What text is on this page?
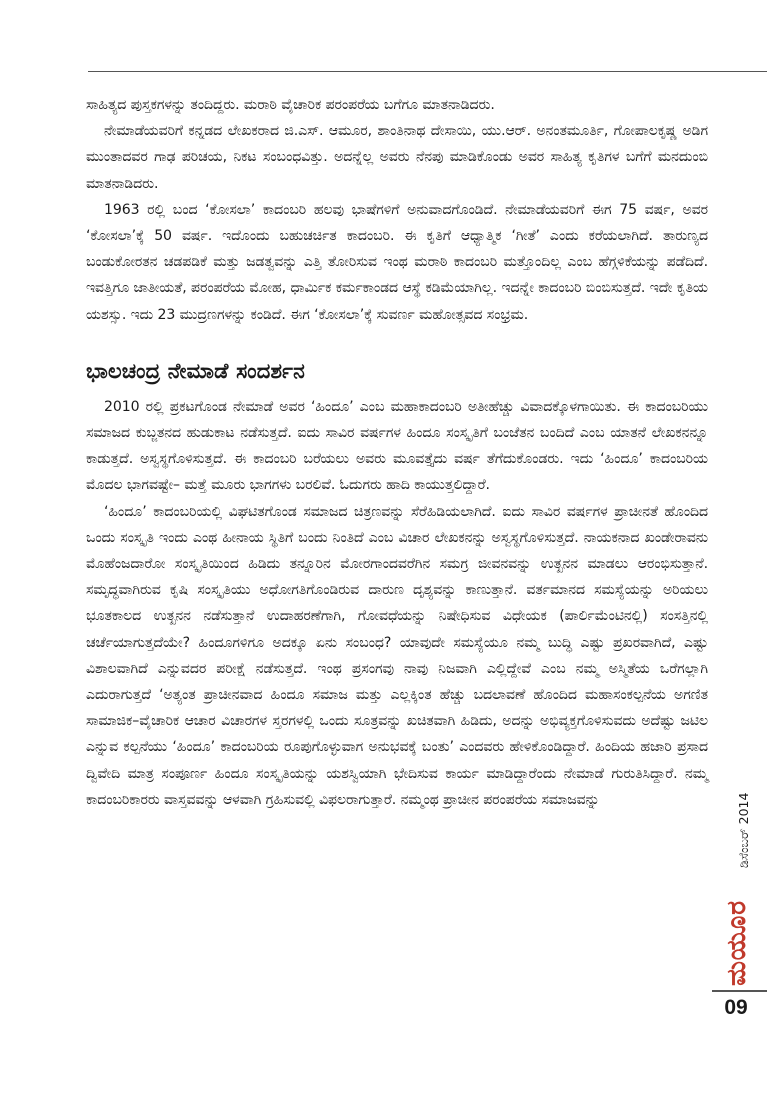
ಸಾಹಿತ್ಯದ ಪುಸ್ತಕಗಳನ್ನು ತಂದಿದ್ದರು. ಮರಾಠಿ ವೈಚಾರಿಕ ಪರಂಪರೆಯ ಬಗೆಗೂ ಮಾತನಾಡಿದರು.

ನೇಮಾಡೆಯವರಿಗೆ ಕನ್ನಡದ ಲೇಖಕರಾದ ಜಿ.ಎಸ್. ಆಮೂರ, ಶಾಂತಿನಾಥ ದೇಸಾಯಿ, ಯು.ಆರ್. ಅನಂತಮೂರ್ತಿ, ಗೋಪಾಲಕೃಷ್ಣ ಅಡಿಗ ಮುಂತಾದವರ ಗಾಢ ಪರಿಚಯ, ನಿಕಟ ಸಂಬಂಧವಿತ್ತು. ಅದನ್ನೆಲ್ಲ ಅವರು ನೆನಪು ಮಾಡಿಕೊಂಡು ಅವರ ಸಾಹಿತ್ಯ ಕೃತಿಗಳ ಬಗೆಗೆ ಮನದುಂಬಿ ಮಾತನಾಡಿದರು.

1963 ರಲ್ಲಿ ಬಂದ ‘ಕೋಸಲಾ’ ಕಾದಂಬರಿ ಹಲವು ಭಾಷೆಗಳಿಗೆ ಅನುವಾದಗೊಂಡಿದೆ. ನೇಮಾಡೆಯವರಿಗೆ ಈಗ 75 ವರ್ಷ, ಅವರ ‘ಕೋಸಲಾ’ಕ್ಕೆ 50 ವರ್ಷ. ಇದೊಂದು ಬಹುಚರ್ಚಿತ ಕಾದಂಬರಿ. ಈ ಕೃತಿಗೆ ಆಧ್ಯಾತ್ಮಿಕ ‘ಗೀತೆ’ ಎಂದು ಕರೆಯಲಾಗಿದೆ. ತಾರುಣ್ಯದ ಬಂಡುಕೋರತನ ಚಡಪಡಿಕೆ ಮತ್ತು ಜಡತ್ವವನ್ನು ಎತ್ತಿ ತೋರಿಸುವ ಇಂಥ ಮರಾಠಿ ಕಾದಂಬರಿ ಮತ್ತೊಂದಿಲ್ಲ ಎಂಬ ಹೆಗ್ಗಳಿಕೆಯನ್ನು ಪಡೆದಿದೆ. ಇವತ್ತಿಗೂ ಜಾತೀಯತೆ, ಪರಂಪರೆಯ ಮೋಹ, ಧಾರ್ಮಿಕ ಕರ್ಮಕಾಂಡದ ಆಸ್ಥೆ ಕಡಿಮೆಯಾಗಿಲ್ಲ. ಇದನ್ನೇ ಕಾದಂಬರಿ ಬಿಂಬಿಸುತ್ತದೆ. ಇದೇ ಕೃತಿಯ ಯಶಸ್ಸು. ಇದು 23 ಮುದ್ರಣಗಳನ್ನು ಕಂಡಿದೆ. ಈಗ ‘ಕೋಸಲಾ’ಕ್ಕೆ ಸುವರ್ಣ ಮಹೋತ್ಸವದ ಸಂಭ್ರಮ.

ಭಾಲಚಂದ್ರ ನೇಮಾಡೆ ಸಂದರ್ಶನ

2010 ರಲ್ಲಿ ಪ್ರಕಟಗೊಂಡ ನೇಮಾಡೆ ಅವರ ‘ಹಿಂದೂ’ ಎಂಬ ಮಹಾಕಾದಂಬರಿ ಅತೀಹೆಚ್ಚು ವಿವಾದಕ್ಕೊಳಗಾಯಿತು. ಈ ಕಾದಂಬರಿಯು ಸಮಾಜದ ಕುಬ್ಜತನದ ಹುಡುಕಾಟ ನಡೆಸುತ್ತದೆ. ಐದು ಸಾವಿರ ವರ್ಷಗಳ ಹಿಂದೂ ಸಂಸ್ಕೃತಿಗೆ ಬಂಜೆತನ ಬಂದಿದೆ ಎಂಬ ಯಾತನೆ ಲೇಖಕನನ್ನೂ ಕಾಡುತ್ತದೆ. ಅಸ್ವಸ್ಥಗೊಳಿಸುತ್ತದೆ. ಈ ಕಾದಂಬರಿ ಬರೆಯಲು ಅವರು ಮೂವತ್ತೈದು ವರ್ಷ ತೆಗೆದುಕೊಂಡರು. ಇದು ‘ಹಿಂದೂ’ ಕಾದಂಬರಿಯ ಮೊದಲ ಭಾಗವಷ್ಟೇ– ಮತ್ತೆ ಮೂರು ಭಾಗಗಳು ಬರಲಿವೆ. ಓದುಗರು ಹಾದಿ ಕಾಯುತ್ತಲಿದ್ದಾರೆ.

‘ಹಿಂದೂ’ ಕಾದಂಬರಿಯಲ್ಲಿ ವಿಘಟಿತಗೊಂಡ ಸಮಾಜದ ಚಿತ್ರಣವನ್ನು ಸೆರೆಹಿಡಿಯಲಾಗಿದೆ. ಐದು ಸಾವಿರ ವರ್ಷಗಳ ಪ್ರಾಚೀನತೆ ಹೊಂದಿದ ಒಂದು ಸಂಸ್ಕೃತಿ ಇಂದು ಎಂಥ ಹೀನಾಯ ಸ್ಥಿತಿಗೆ ಬಂದು ನಿಂತಿದೆ ಎಂಬ ವಿಚಾರ ಲೇಖಕನನ್ನು ಅಸ್ವಸ್ಥಗೊಳಿಸುತ್ತದೆ. ನಾಯಕನಾದ ಖಂಡೇರಾವನು ಮೊಹೆಂಜದಾರೋ ಸಂಸ್ಕೃತಿಯಿಂದ ಹಿಡಿದು ತನ್ನೂರಿನ ಮೋರಗಾಂದವರೆಗಿನ ಸಮಗ್ರ ಜೀವನವನ್ನು ಉತ್ಖನನ ಮಾಡಲು ಆರಂಭಿಸುತ್ತಾನೆ. ಸಮೃದ್ಧವಾಗಿರುವ ಕೃಷಿ ಸಂಸ್ಕೃತಿಯು ಅಧೋಗತಿಗೊಂಡಿರುವ ದಾರುಣ ದೃಶ್ಯವನ್ನು ಕಾಣುತ್ತಾನೆ. ವರ್ತಮಾನದ ಸಮಸ್ಯೆಯನ್ನು ಅರಿಯಲು ಭೂತಕಾಲದ ಉತ್ಖನನ ನಡೆಸುತ್ತಾನೆ ಉದಾಹರಣೆಗಾಗಿ, ಗೋವಧೆಯನ್ನು ನಿಷೇಧಿಸುವ ವಿಧೇಯಕ (ಪಾರ್ಲಿಮೆಂಟಿನಲ್ಲಿ) ಸಂಸತ್ತಿನಲ್ಲಿ ಚರ್ಚೆಯಾಗುತ್ತದೆಯೇ? ಹಿಂದೂಗಳಿಗೂ ಅದಕ್ಕೂ ಏನು ಸಂಬಂಧ? ಯಾವುದೇ ಸಮಸ್ಯೆಯೂ ನಮ್ಮ ಬುದ್ಧಿ ಎಷ್ಟು ಪ್ರಖರವಾಗಿದೆ, ಎಷ್ಟು ವಿಶಾಲವಾಗಿದೆ ಎನ್ನುವದರ ಪರೀಕ್ಷೆ ನಡೆಸುತ್ತದೆ. ಇಂಥ ಪ್ರಸಂಗವು ನಾವು ನಿಜವಾಗಿ ಎಲ್ಲಿದ್ದೇವೆ ಎಂಬ ನಮ್ಮ ಅಸ್ಮಿತೆಯ ಒರೆಗಲ್ಲಾಗಿ ಎದುರಾಗುತ್ತದೆ ‘ಅತ್ಯಂತ ಪ್ರಾಚೀನವಾದ ಹಿಂದೂ ಸಮಾಜ ಮತ್ತು ಎಲ್ಲಕ್ಕಿಂತ ಹೆಚ್ಚು ಬದಲಾವಣೆ ಹೊಂದಿದ ಮಹಾಸಂಕಲ್ಪನೆಯ ಅಗಣಿತ ಸಾಮಾಜಿಕ–ವೈಚಾರಿಕ ಆಚಾರ ವಿಚಾರಗಳ ಸ್ತರಗಳಲ್ಲಿ ಒಂದು ಸೂತ್ರವನ್ನು ಖಚಿತವಾಗಿ ಹಿಡಿದು, ಅದನ್ನು ಅಭಿವ್ಯಕ್ತಗೊಳಿಸುವದು ಅದೆಷ್ಟು ಜಟಿಲ ಎನ್ನುವ ಕಲ್ಪನೆಯು ‘ಹಿಂದೂ’ ಕಾದಂಬರಿಯ ರೂಪುಗೊಳ್ಳುವಾಗ ಅನುಭವಕ್ಕೆ ಬಂತು’ ಎಂದವರು ಹೇಳಿಕೊಂಡಿದ್ದಾರೆ. ಹಿಂದಿಯ ಹಜಾರಿ ಪ್ರಸಾದ ದ್ವಿವೇದಿ ಮಾತ್ರ ಸಂಪೂರ್ಣ ಹಿಂದೂ ಸಂಸ್ಕೃತಿಯನ್ನು ಯಶಸ್ವಿಯಾಗಿ ಭೇದಿಸುವ ಕಾರ್ಯ ಮಾಡಿದ್ದಾರೆಂದು ನೇಮಾಡೆ ಗುರುತಿಸಿದ್ದಾರೆ. ನಮ್ಮ ಕಾದಂಬರಿಕಾರರು ವಾಸ್ತವವನ್ನು ಆಳವಾಗಿ ಗ್ರಹಿಸುವಲ್ಲಿ ವಿಫಲರಾಗುತ್ತಾರೆ. ನಮ್ಮಂಥ ಪ್ರಾಚೀನ ಪರಂಪರೆಯ ಸಮಾಜವನ್ನು	ಡಿಸೆಂಬರ್ 2014
ಮಯೂರ
09
